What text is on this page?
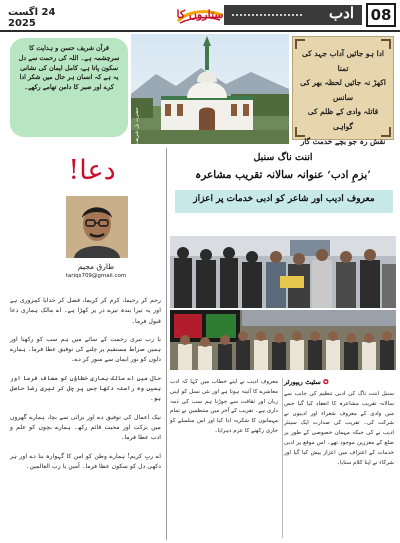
08
ادب
ستاروں کا
24 اگست 2025

قرآن شریف حسن و ہدایت کا سرچشمہ ہے۔ اللہ کی رحمت سے دل سکون پاتا ہے، کامل ایمان کی نشانی یہ ہے کہ انسان ہر حال میں شکر ادا کرے اور صبر کا دامن تھامے رکھے۔

حضرت بل شریف

ادا ہو جائیں آداب جہد کی تمنا

اکھڑ نہ جائیں لحظہ بھر کی سانس

قاتلہ وادی کے ظلم کی گواہی

نقش رہ جو بچے خدمت گار

دعا!
طارق مجیم
tariqs709@gmail.com

رحم کر رحیما، کرم کر کریما، فضل کر خدایا کمزوری ہے اور یہ تیرا بندہ تیرے در پر کھڑا ہے۔ اے مالک ہماری دعا قبول فرما۔

یا رب تیری رحمت کے سائے میں ہم سب کو رکھنا اور ہمیں صراط مستقیم پر چلنے کی توفیق عطا فرما۔ ہمارے دلوں کو نور ایمان سے منور کر دے۔

حال میں اے مالک ہماری خطاؤں کو معاف فرما اور ہمیں وہ راستہ دکھا جس پر چل کر تیری رضا حاصل ہو۔

نیک اعمال کی توفیق دے اور برائی سے بچا، ہمارے گھروں میں برکت اور محبت قائم رکھ۔ ہمارے بچوں کو علم و ادب عطا فرما۔

اے ربِ کریم! ہمارے وطن کو امن کا گہوارہ بنا دے اور ہر دکھی دل کو سکون عطا فرما۔ آمین یا رب العالمین۔

اننت ناگ سنبل
’بزمِ ادب‘ عنوانہ سالانہ تقریب مشاعرہ
معروف ادیب اور شاعر کو ادبی خدمات پر اعزاز
✪ سٹیٹ ریپورٹر

سنبل اننت ناگ کی ادبی تنظیم کی جانب سے سالانہ تقریب مشاعرہ کا انعقاد کیا گیا جس میں وادی کے معروف شعراء اور ادیبوں نے شرکت کی۔ تقریب کی صدارت ایک سینئر ادیب نے کی جبکہ مہمان خصوصی کے طور پر ضلع کے معززین موجود تھے۔ اس موقع پر ادبی خدمات کے اعتراف میں اعزاز پیش کیا گیا اور شرکاء نے اپنا کلام سنایا۔

معروف ادیب نے اپنے خطاب میں کہا کہ ادب معاشرے کا آئینہ ہوتا ہے اور نئی نسل کو اپنی زبان اور ثقافت سے جوڑنا ہم سب کی ذمہ داری ہے۔ تقریب کے آخر میں منتظمین نے تمام مہمانوں کا شکریہ ادا کیا اور اس سلسلے کو جاری رکھنے کا عزم دہرایا۔
